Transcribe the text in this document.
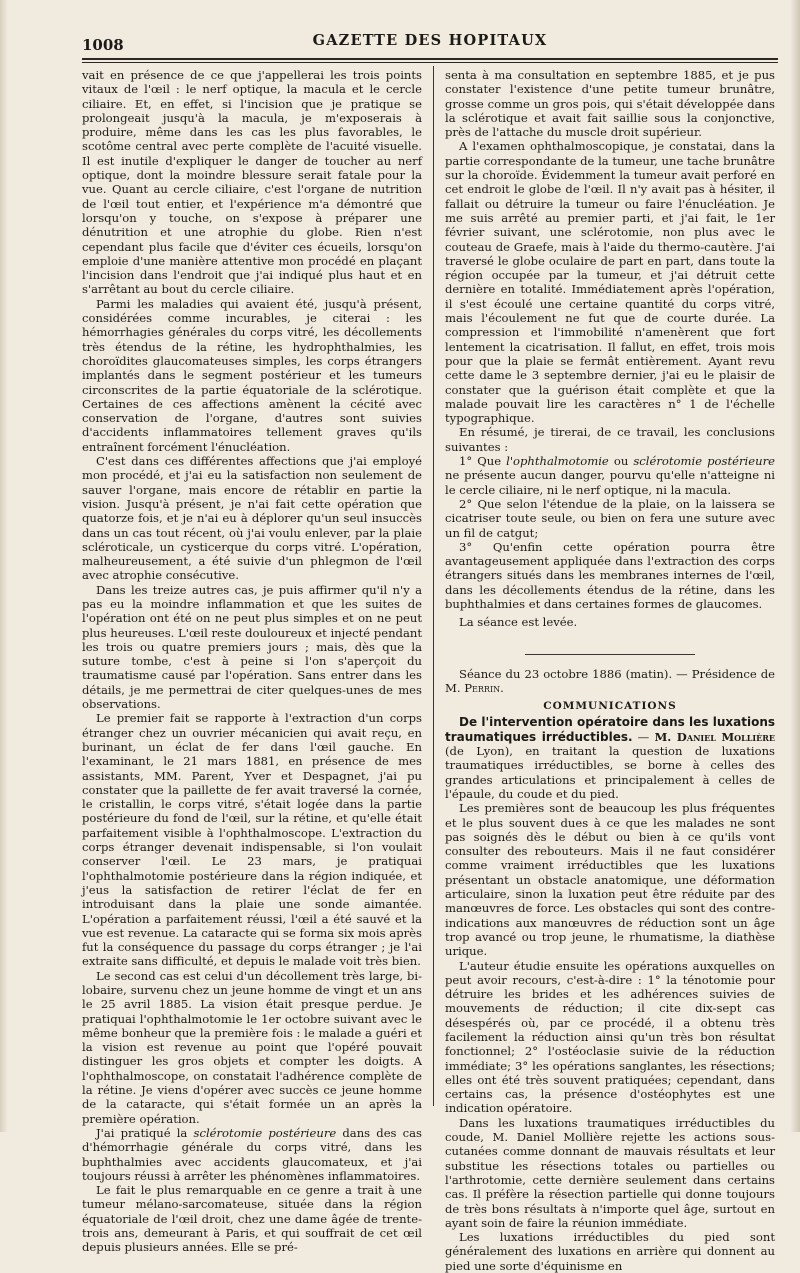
1008	GAZETTE DES HOPITAUX

vait en présence de ce que j'appellerai les trois points vitaux de l'œil : le nerf optique, la macula et le cercle ciliaire. Et, en effet, si l'incision que je pratique se prolongeait jusqu'à la macula, je m'exposerais à produire, même dans les cas les plus favorables, le scotôme central avec perte complète de l'acuité visuelle. Il est inutile d'expliquer le danger de toucher au nerf optique, dont la moindre blessure serait fatale pour la vue. Quant au cercle ciliaire, c'est l'organe de nutrition de l'œil tout entier, et l'expérience m'a démontré que lorsqu'on y touche, on s'expose à préparer une dénutrition et une atrophie du globe. Rien n'est cependant plus facile que d'éviter ces écueils, lorsqu'on emploie d'une manière attentive mon procédé en plaçant l'incision dans l'endroit que j'ai indiqué plus haut et en s'arrêtant au bout du cercle ciliaire.

Parmi les maladies qui avaient été, jusqu'à présent, considérées comme incurables, je citerai : les hémorrhagies générales du corps vitré, les décollements très étendus de la rétine, les hydrophthalmies, les choroïdites glaucomateuses simples, les corps étrangers implantés dans le segment postérieur et les tumeurs circonscrites de la partie équatoriale de la sclérotique. Certaines de ces affections amènent la cécité avec conservation de l'organe, d'autres sont suivies d'accidents inflammatoires tellement graves qu'ils entraînent forcément l'énucléation.

C'est dans ces différentes affections que j'ai employé mon procédé, et j'ai eu la satisfaction non seulement de sauver l'organe, mais encore de rétablir en partie la vision. Jusqu'à présent, je n'ai fait cette opération que quatorze fois, et je n'ai eu à déplorer qu'un seul insuccès dans un cas tout récent, où j'ai voulu enlever, par la plaie scléroticale, un cysticerque du corps vitré. L'opération, malheureusement, a été suivie d'un phlegmon de l'œil avec atrophie consécutive.

Dans les treize autres cas, je puis affirmer qu'il n'y a pas eu la moindre inflammation et que les suites de l'opération ont été on ne peut plus simples et on ne peut plus heureuses. L'œil reste douloureux et injecté pendant les trois ou quatre premiers jours ; mais, dès que la suture tombe, c'est à peine si l'on s'aperçoit du traumatisme causé par l'opération. Sans entrer dans les détails, je me permettrai de citer quelques-unes de mes observations.

Le premier fait se rapporte à l'extraction d'un corps étranger chez un ouvrier mécanicien qui avait reçu, en burinant, un éclat de fer dans l'œil gauche. En l'examinant, le 21 mars 1881, en présence de mes assistants, MM. Parent, Yver et Despagnet, j'ai pu constater que la paillette de fer avait traversé la cornée, le cristallin, le corps vitré, s'était logée dans la partie postérieure du fond de l'œil, sur la rétine, et qu'elle était parfaitement visible à l'ophthalmoscope. L'extraction du corps étranger devenait indispensable, si l'on voulait conserver l'œil. Le 23 mars, je pratiquai l'ophthalmotomie postérieure dans la région indiquée, et j'eus la satisfaction de retirer l'éclat de fer en introduisant dans la plaie une sonde aimantée. L'opération a parfaitement réussi, l'œil a été sauvé et la vue est revenue. La cataracte qui se forma six mois après fut la conséquence du passage du corps étranger ; je l'ai extraite sans difficulté, et depuis le malade voit très bien.

Le second cas est celui d'un décollement très large, bi-lobaire, survenu chez un jeune homme de vingt et un ans le 25 avril 1885. La vision était presque perdue. Je pratiquai l'ophthalmotomie le 1er octobre suivant avec le même bonheur que la première fois : le malade a guéri et la vision est revenue au point que l'opéré pouvait distinguer les gros objets et compter les doigts. A l'ophthalmoscope, on constatait l'adhérence complète de la rétine. Je viens d'opérer avec succès ce jeune homme de la cataracte, qui s'était formée un an après la première opération.

J'ai pratiqué la sclérotomie postérieure dans des cas d'hémorrhagie générale du corps vitré, dans les buphthalmies avec accidents glaucomateux, et j'ai toujours réussi à arrêter les phénomènes inflammatoires.

Le fait le plus remarquable en ce genre a trait à une tumeur mélano-sarcomateuse, située dans la région équatoriale de l'œil droit, chez une dame âgée de trente-trois ans, demeurant à Paris, et qui souffrait de cet œil depuis plusieurs années. Elle se pré-

senta à ma consultation en septembre 1885, et je pus constater l'existence d'une petite tumeur brunâtre, grosse comme un gros pois, qui s'était développée dans la sclérotique et avait fait saillie sous la conjonctive, près de l'attache du muscle droit supérieur.

A l'examen ophthalmoscopique, je constatai, dans la partie correspondante de la tumeur, une tache brunâtre sur la choroïde. Évidemment la tumeur avait perforé en cet endroit le globe de l'œil. Il n'y avait pas à hésiter, il fallait ou détruire la tumeur ou faire l'énucléation. Je me suis arrêté au premier parti, et j'ai fait, le 1er février suivant, une sclérotomie, non plus avec le couteau de Graefe, mais à l'aide du thermo-cautère. J'ai traversé le globe oculaire de part en part, dans toute la région occupée par la tumeur, et j'ai détruit cette dernière en totalité. Immédiatement après l'opération, il s'est écoulé une certaine quantité du corps vitré, mais l'écoulement ne fut que de courte durée. La compression et l'immobilité n'amenèrent que fort lentement la cicatrisation. Il fallut, en effet, trois mois pour que la plaie se fermât entièrement. Ayant revu cette dame le 3 septembre dernier, j'ai eu le plaisir de constater que la guérison était complète et que la malade pouvait lire les caractères n° 1 de l'échelle typographique.

En résumé, je tirerai, de ce travail, les conclusions suivantes :

1° Que l'ophthalmotomie ou sclérotomie postérieure ne présente aucun danger, pourvu qu'elle n'atteigne ni le cercle ciliaire, ni le nerf optique, ni la macula.

2° Que selon l'étendue de la plaie, on la laissera se cicatriser toute seule, ou bien on fera une suture avec un fil de catgut;

3° Qu'enfin cette opération pourra être avantageusement appliquée dans l'extraction des corps étrangers situés dans les membranes internes de l'œil, dans les décollements étendus de la rétine, dans les buphthalmies et dans certaines formes de glaucomes.

La séance est levée.

Séance du 23 octobre 1886 (matin). — Présidence de M. Perrin.

COMMUNICATIONS

De l'intervention opératoire dans les luxations traumatiques irréductibles. — M. Daniel Mollière (de Lyon), en traitant la question de luxations traumatiques irréductibles, se borne à celles des grandes articulations et principalement à celles de l'épaule, du coude et du pied.

Les premières sont de beaucoup les plus fréquentes et le plus souvent dues à ce que les malades ne sont pas soignés dès le début ou bien à ce qu'ils vont consulter des rebouteurs. Mais il ne faut considérer comme vraiment irréductibles que les luxations présentant un obstacle anatomique, une déformation articulaire, sinon la luxation peut être réduite par des manœuvres de force. Les obstacles qui sont des contre-indications aux manœuvres de réduction sont un âge trop avancé ou trop jeune, le rhumatisme, la diathèse urique.

L'auteur étudie ensuite les opérations auxquelles on peut avoir recours, c'est-à-dire : 1° la ténotomie pour détruire les brides et les adhérences suivies de mouvements de réduction; il cite dix-sept cas désespérés où, par ce procédé, il a obtenu très facilement la réduction ainsi qu'un très bon résultat fonctionnel; 2° l'ostéoclasie suivie de la réduction immédiate; 3° les opérations sanglantes, les résections; elles ont été très souvent pratiquées; cependant, dans certains cas, la présence d'ostéophytes est une indication opératoire.

Dans les luxations traumatiques irréductibles du coude, M. Daniel Mollière rejette les actions sous-cutanées comme donnant de mauvais résultats et leur substitue les résections totales ou partielles ou l'arthrotomie, cette dernière seulement dans certains cas. Il préfère la résection partielle qui donne toujours de très bons résultats à n'importe quel âge, surtout en ayant soin de faire la réunion immédiate.

Les luxations irréductibles du pied sont généralement des luxations en arrière qui donnent au pied une sorte d'équinisme en
